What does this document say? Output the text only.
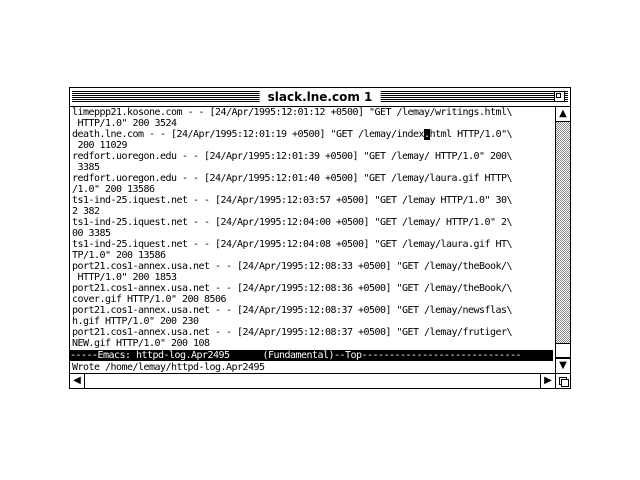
slack.lne.com 1
limeppp21.kosone.com - - [24/Apr/1995:12:01:12 +0500] "GET /lemay/writings.html\
HTTP/1.0" 200 3524
death.lne.com - - [24/Apr/1995:12:01:19 +0500] "GET /lemay/index.html HTTP/1.0"\
200 11029
redfort.uoregon.edu - - [24/Apr/1995:12:01:39 +0500] "GET /lemay/ HTTP/1.0" 200\
3385
redfort.uoregon.edu - - [24/Apr/1995:12:01:40 +0500] "GET /lemay/laura.gif HTTP\
/1.0" 200 13586
ts1-ind-25.iquest.net - - [24/Apr/1995:12:03:57 +0500] "GET /lemay HTTP/1.0" 30\
2 382
ts1-ind-25.iquest.net - - [24/Apr/1995:12:04:00 +0500] "GET /lemay/ HTTP/1.0" 2\
00 3385
ts1-ind-25.iquest.net - - [24/Apr/1995:12:04:08 +0500] "GET /lemay/laura.gif HT\
TP/1.0" 200 13586
port21.cos1-annex.usa.net - - [24/Apr/1995:12:08:33 +0500] "GET /lemay/theBook/\
HTTP/1.0" 200 1853
port21.cos1-annex.usa.net - - [24/Apr/1995:12:08:36 +0500] "GET /lemay/theBook/\
cover.gif HTTP/1.0" 200 8506
port21.cos1-annex.usa.net - - [24/Apr/1995:12:08:37 +0500] "GET /lemay/newsflas\
h.gif HTTP/1.0" 200 230
port21.cos1-annex.usa.net - - [24/Apr/1995:12:08:37 +0500] "GET /lemay/frutiger\
NEW.gif HTTP/1.0" 200 108
-----Emacs: httpd-log.Apr2495      (Fundamental)--Top-----------------------------
Wrote /home/lemay/httpd-log.Apr2495
▲
▼
◀	▶
